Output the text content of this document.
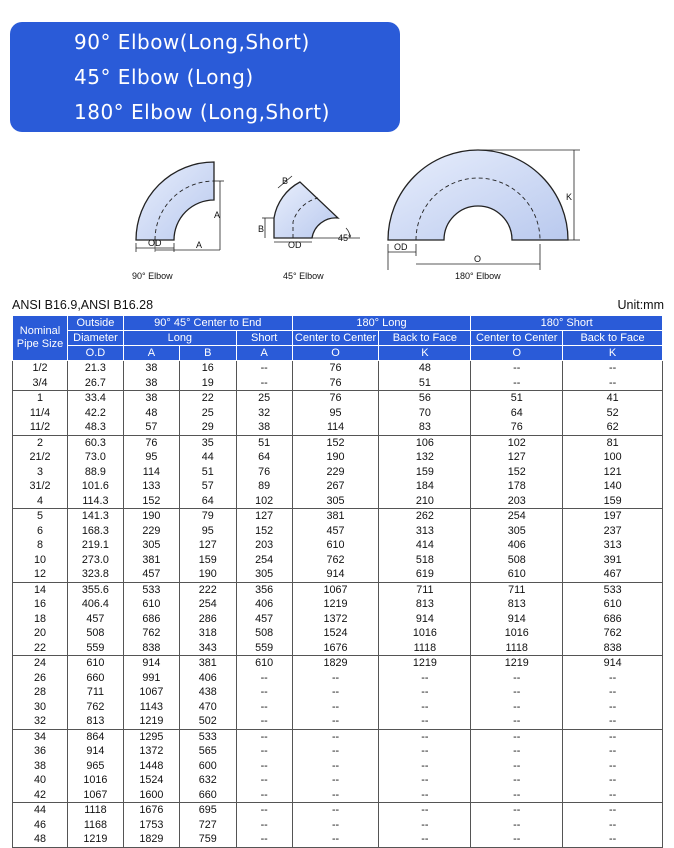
90° Elbow(Long,Short)
45° Elbow (Long)
180° Elbow (Long,Short)
OD	A
A
90° Elbow
OD
B
B
45°
45° Elbow
OD
O
K
180° Elbow
ANSI B16.9,ANSI B16.28	Unit:mm
Nominal
Pipe Size	Outside	90° 45° Center to End			180° Long		180° Short	
	Diameter	Long		Short	Center to Center	Back to Face	Center to Center	Back to Face
	O.D	A	B	A	O	K	O	K
1/2	21.3	38	16	--	76	48	--	--
3/4	26.7	38	19	--	76	51	--	--
1	33.4	38	22	25	76	56	51	41
11/4	42.2	48	25	32	95	70	64	52
11/2	48.3	57	29	38	114	83	76	62
2	60.3	76	35	51	152	106	102	81
21/2	73.0	95	44	64	190	132	127	100
3	88.9	114	51	76	229	159	152	121
31/2	101.6	133	57	89	267	184	178	140
4	114.3	152	64	102	305	210	203	159
5	141.3	190	79	127	381	262	254	197
6	168.3	229	95	152	457	313	305	237
8	219.1	305	127	203	610	414	406	313
10	273.0	381	159	254	762	518	508	391
12	323.8	457	190	305	914	619	610	467
14	355.6	533	222	356	1067	711	711	533
16	406.4	610	254	406	1219	813	813	610
18	457	686	286	457	1372	914	914	686
20	508	762	318	508	1524	1016	1016	762
22	559	838	343	559	1676	1118	1118	838
24	610	914	381	610	1829	1219	1219	914
26	660	991	406	--	--	--	--	--
28	711	1067	438	--	--	--	--	--
30	762	1143	470	--	--	--	--	--
32	813	1219	502	--	--	--	--	--
34	864	1295	533	--	--	--	--	--
36	914	1372	565	--	--	--	--	--
38	965	1448	600	--	--	--	--	--
40	1016	1524	632	--	--	--	--	--
42	1067	1600	660	--	--	--	--	--
44	1118	1676	695	--	--	--	--	--
46	1168	1753	727	--	--	--	--	--
48	1219	1829	759	--	--	--	--	--
